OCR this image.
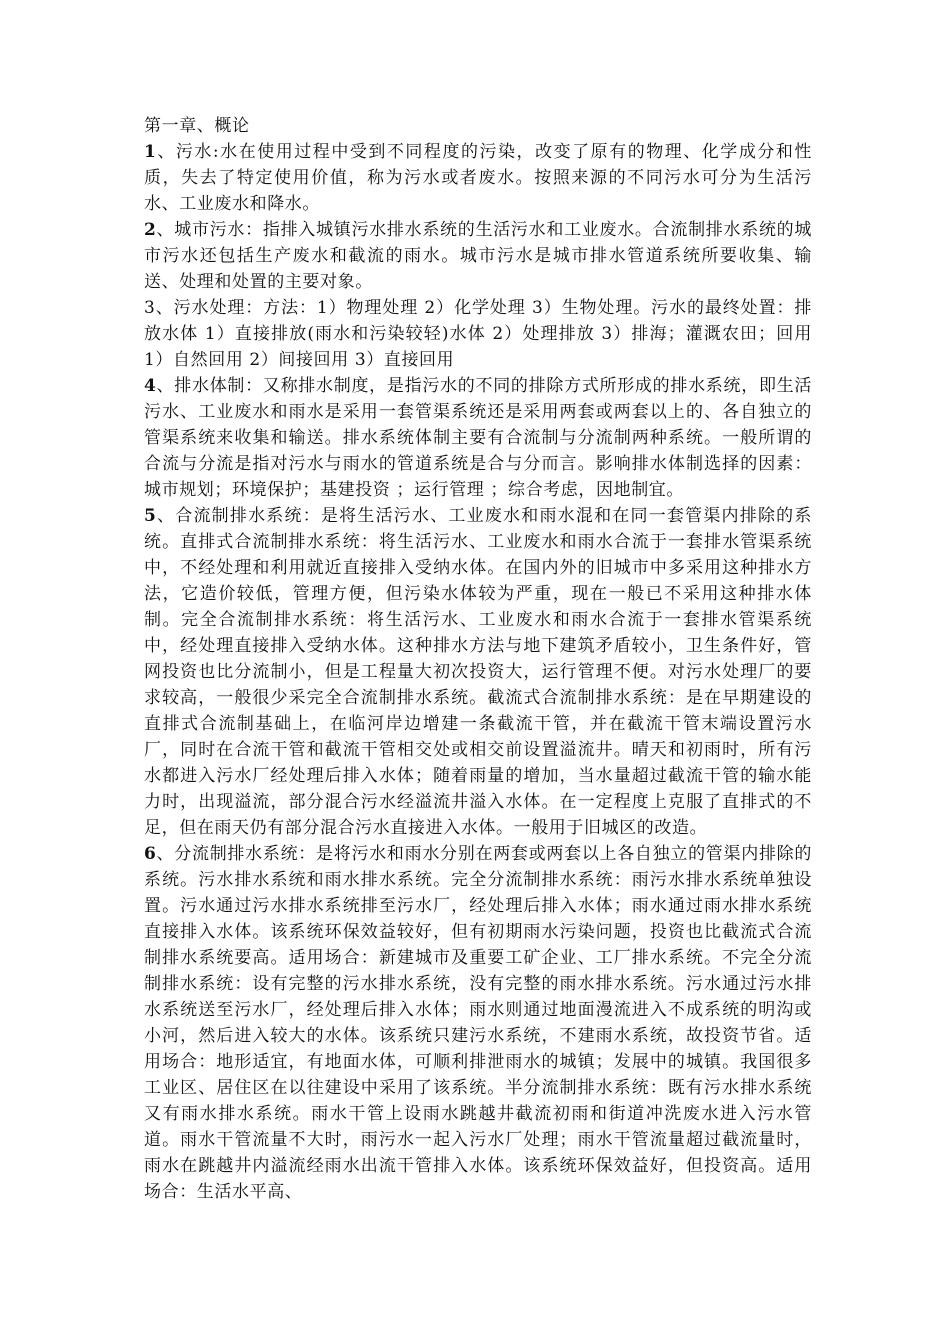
第一章、概论

1、污水:水在使用过程中受到不同程度的污染，改变了原有的物理、化学成分和性质，失去了特定使用价值，称为污水或者废水。按照来源的不同污水可分为生活污水、工业废水和降水。

2、城市污水：指排入城镇污水排水系统的生活污水和工业废水。合流制排水系统的城市污水还包括生产废水和截流的雨水。城市污水是城市排水管道系统所要收集、输送、处理和处置的主要对象。

3、污水处理：方法：1）物理处理 2）化学处理 3）生物处理。污水的最终处置：排放水体 1）直接排放(雨水和污染较轻)水体 2）处理排放 3）排海；灌溉农田；回用 1）自然回用 2）间接回用 3）直接回用

4、排水体制：又称排水制度，是指污水的不同的排除方式所形成的排水系统，即生活污水、工业废水和雨水是采用一套管渠系统还是采用两套或两套以上的、各自独立的管渠系统来收集和输送。排水系统体制主要有合流制与分流制两种系统。一般所谓的合流与分流是指对污水与雨水的管道系统是合与分而言。影响排水体制选择的因素：城市规划；环境保护；基建投资 ；运行管理 ；综合考虑，因地制宜。

5、合流制排水系统：是将生活污水、工业废水和雨水混和在同一套管渠内排除的系统。直排式合流制排水系统：将生活污水、工业废水和雨水合流于一套排水管渠系统中，不经处理和利用就近直接排入受纳水体。在国内外的旧城市中多采用这种排水方法，它造价较低，管理方便，但污染水体较为严重，现在一般已不采用这种排水体制。完全合流制排水系统：将生活污水、工业废水和雨水合流于一套排水管渠系统中，经处理直接排入受纳水体。这种排水方法与地下建筑矛盾较小，卫生条件好，管网投资也比分流制小，但是工程量大初次投资大，运行管理不便。对污水处理厂的要求较高，一般很少采完全合流制排水系统。截流式合流制排水系统：是在早期建设的直排式合流制基础上，在临河岸边增建一条截流干管，并在截流干管末端设置污水厂，同时在合流干管和截流干管相交处或相交前设置溢流井。晴天和初雨时，所有污水都进入污水厂经处理后排入水体；随着雨量的增加，当水量超过截流干管的输水能力时，出现溢流，部分混合污水经溢流井溢入水体。在一定程度上克服了直排式的不足，但在雨天仍有部分混合污水直接进入水体。一般用于旧城区的改造。

6、分流制排水系统：是将污水和雨水分别在两套或两套以上各自独立的管渠内排除的系统。污水排水系统和雨水排水系统。完全分流制排水系统：雨污水排水系统单独设置。污水通过污水排水系统排至污水厂，经处理后排入水体；雨水通过雨水排水系统直接排入水体。该系统环保效益较好，但有初期雨水污染问题，投资也比截流式合流制排水系统要高。适用场合：新建城市及重要工矿企业、工厂排水系统。不完全分流制排水系统：设有完整的污水排水系统，没有完整的雨水排水系统。污水通过污水排水系统送至污水厂，经处理后排入水体；雨水则通过地面漫流进入不成系统的明沟或小河，然后进入较大的水体。该系统只建污水系统，不建雨水系统，故投资节省。适用场合：地形适宜，有地面水体，可顺利排泄雨水的城镇；发展中的城镇。我国很多工业区、居住区在以往建设中采用了该系统。半分流制排水系统：既有污水排水系统又有雨水排水系统。雨水干管上设雨水跳越井截流初雨和街道冲洗废水进入污水管道。雨水干管流量不大时，雨污水一起入污水厂处理；雨水干管流量超过截流量时，雨水在跳越井内溢流经雨水出流干管排入水体。该系统环保效益好，但投资高。适用场合：生活水平高、
